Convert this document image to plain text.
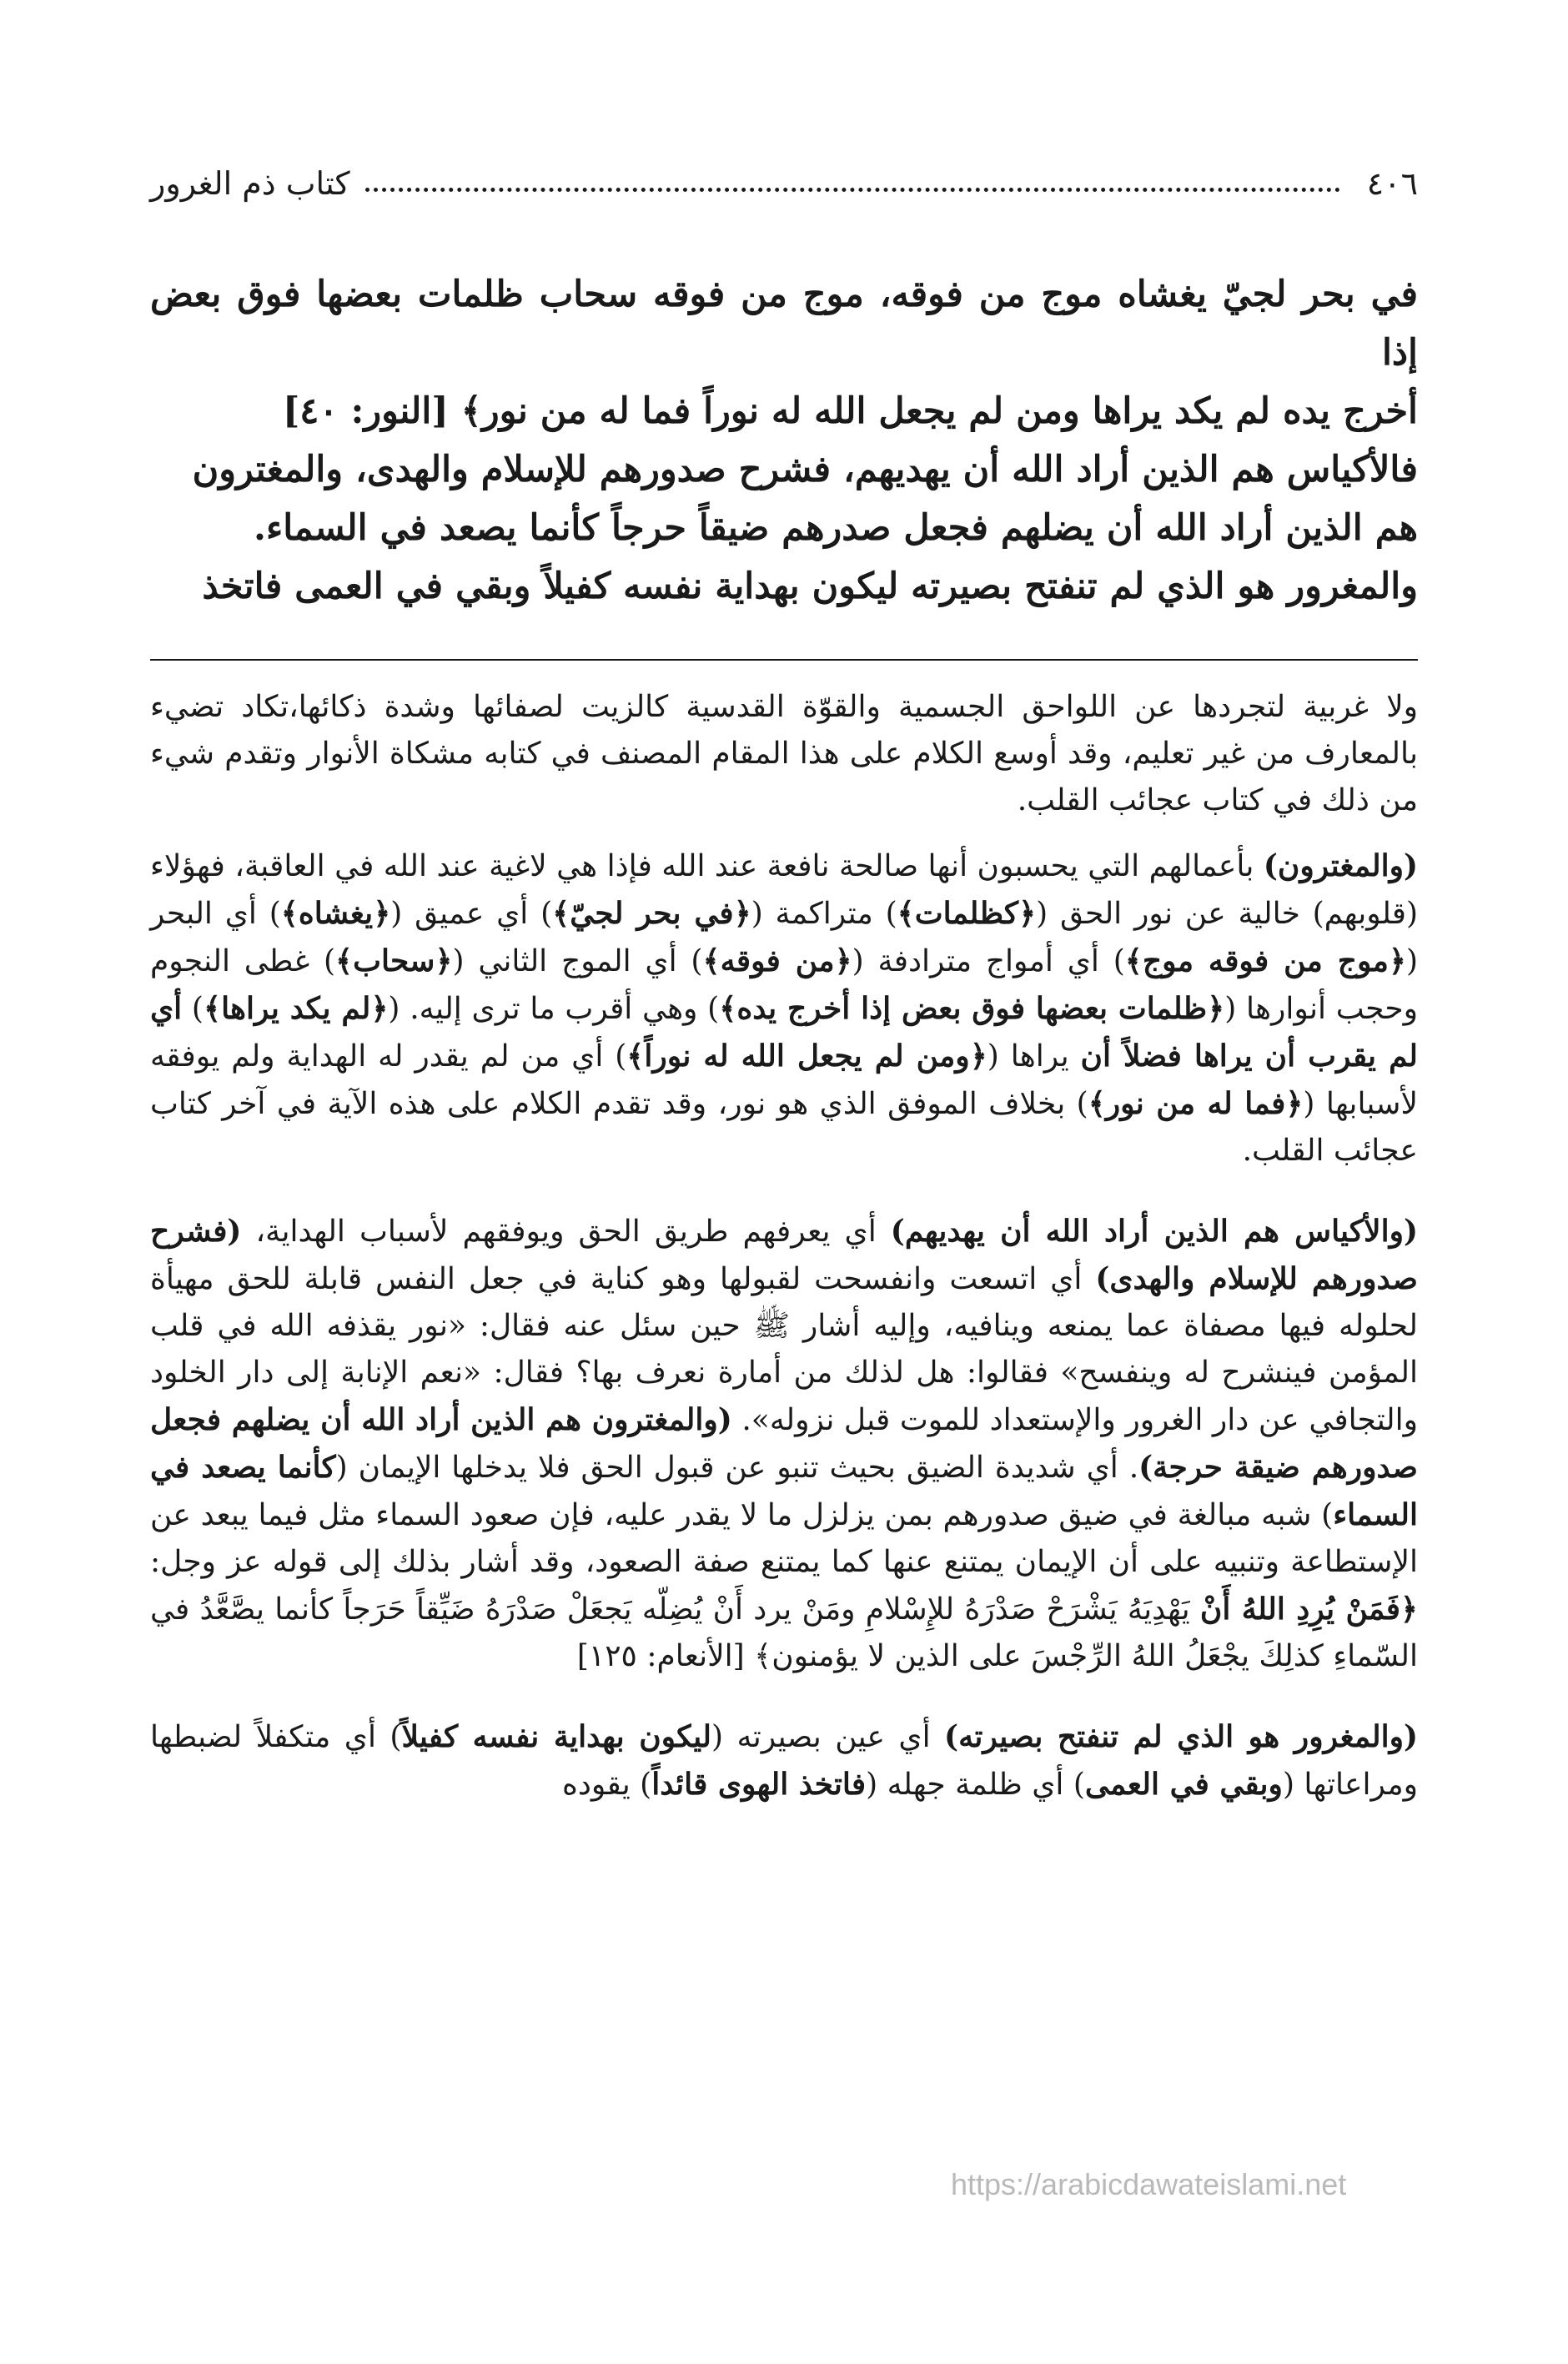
٤٠٦
كتاب ذم الغرور
في بحر لجيّ يغشاه موج من فوقه، موج من فوقه سحاب ظلمات بعضها فوق بعض إذا
أخرج يده لم يكد يراها ومن لم يجعل الله له نوراً فما له من نور﴾ [النور: ٤٠]
فالأكياس هم الذين أراد الله أن يهديهم، فشرح صدورهم للإسلام والهدى، والمغترون
هم الذين أراد الله أن يضلهم فجعل صدرهم ضيقاً حرجاً كأنما يصعد في السماء.
والمغرور هو الذي لم تنفتح بصيرته ليكون بهداية نفسه كفيلاً وبقي في العمى فاتخذ

ولا غربية لتجردها عن اللواحق الجسمية والقوّة القدسية كالزيت لصفائها وشدة ذكائها،تكاد تضيء بالمعارف من غير تعليم، وقد أوسع الكلام على هذا المقام المصنف في كتابه مشكاة الأنوار وتقدم شيء من ذلك في كتاب عجائب القلب.

(والمغترون) بأعمالهم التي يحسبون أنها صالحة نافعة عند الله فإذا هي لاغية عند الله في العاقبة، فهؤلاء (قلوبهم) خالية عن نور الحق (﴿كظلمات﴾) متراكمة (﴿في بحر لجيّ﴾) أي عميق (﴿يغشاه﴾) أي البحر (﴿موج من فوقه موج﴾) أي أمواج مترادفة (﴿من فوقه﴾) أي الموج الثاني (﴿سحاب﴾) غطى النجوم وحجب أنوارها (﴿ظلمات بعضها فوق بعض إذا أخرج يده﴾) وهي أقرب ما ترى إليه. (﴿لم يكد يراها﴾) أي لم يقرب أن يراها فضلاً أن يراها (﴿ومن لم يجعل الله له نوراً﴾) أي من لم يقدر له الهداية ولم يوفقه لأسبابها (﴿فما له من نور﴾) بخلاف الموفق الذي هو نور، وقد تقدم الكلام على هذه الآية في آخر كتاب عجائب القلب.

(والأكياس هم الذين أراد الله أن يهديهم) أي يعرفهم طريق الحق ويوفقهم لأسباب الهداية، (فشرح صدورهم للإسلام والهدى) أي اتسعت وانفسحت لقبولها وهو كناية في جعل النفس قابلة للحق مهيأة لحلوله فيها مصفاة عما يمنعه وينافيه، وإليه أشار ﷺ حين سئل عنه فقال: «نور يقذفه الله في قلب المؤمن فينشرح له وينفسح» فقالوا: هل لذلك من أمارة نعرف بها؟ فقال: «نعم الإنابة إلى دار الخلود والتجافي عن دار الغرور والإستعداد للموت قبل نزوله». (والمغترون هم الذين أراد الله أن يضلهم فجعل صدورهم ضيقة حرجة). أي شديدة الضيق بحيث تنبو عن قبول الحق فلا يدخلها الإيمان (كأنما يصعد في السماء) شبه مبالغة في ضيق صدورهم بمن يزلزل ما لا يقدر عليه، فإن صعود السماء مثل فيما يبعد عن الإستطاعة وتنبيه على أن الإيمان يمتنع عنها كما يمتنع صفة الصعود، وقد أشار بذلك إلى قوله عز وجل: ﴿فَمَنْ يُرِدِ اللهُ أَنْ يَهْدِيَهُ يَشْرَحْ صَدْرَهُ للإِسْلامِ ومَنْ يرد أَنْ يُضِلّه يَجعَلْ صَدْرَهُ ضَيِّقاً حَرَجاً كأنما يصَّعَّدُ في السّماءِ كذلِكَ يجْعَلُ اللهُ الرِّجْسَ على الذين لا يؤمنون﴾ [الأنعام: ١٢٥]

(والمغرور هو الذي لم تنفتح بصيرته) أي عين بصيرته (ليكون بهداية نفسه كفيلاً) أي متكفلاً لضبطها ومراعاتها (وبقي في العمى) أي ظلمة جهله (فاتخذ الهوى قائداً) يقوده

https://arabicdawateislami.net
